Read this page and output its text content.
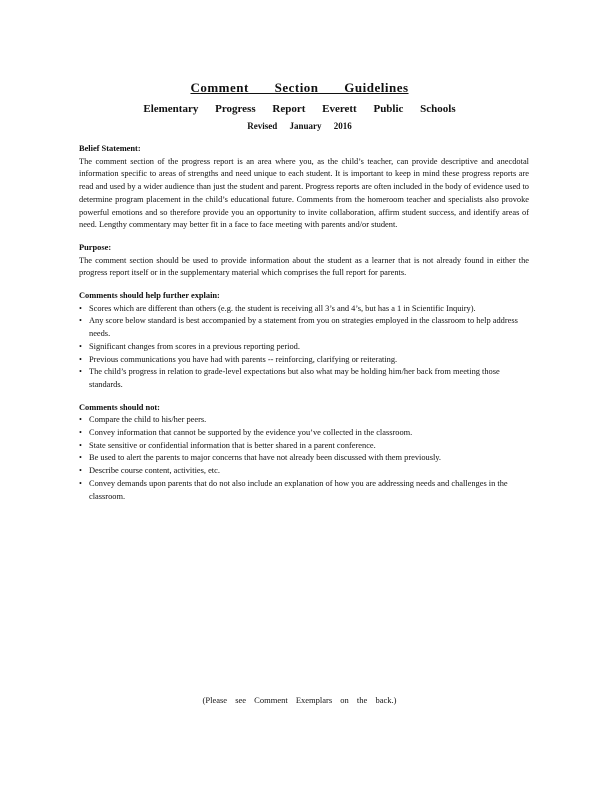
Comment Section Guidelines
Elementary Progress Report Everett Public Schools
Revised January 2016
Belief Statement:

The comment section of the progress report is an area where you, as the child’s teacher, can provide descriptive and anecdotal information specific to areas of strengths and need unique to each student. It is important to keep in mind these progress reports are read and used by a wider audience than just the student and parent. Progress reports are often included in the body of evidence used to determine program placement in the child’s educational future. Comments from the homeroom teacher and specialists also provoke powerful emotions and so therefore provide you an opportunity to invite collaboration, affirm student success, and identify areas of need. Lengthy commentary may better fit in a face to face meeting with parents and/or student.

Purpose:

The comment section should be used to provide information about the student as a learner that is not already found in either the progress report itself or in the supplementary material which comprises the full report for parents.

Comments should help further explain:
• Scores which are different than others (e.g. the student is receiving all 3’s and 4’s, but has a 1 in Scientific Inquiry).
• Any score below standard is best accompanied by a statement from you on strategies employed in the classroom to help address needs.
• Significant changes from scores in a previous reporting period.
• Previous communications you have had with parents -- reinforcing, clarifying or reiterating.
• The child’s progress in relation to grade-level expectations but also what may be holding him/her back from meeting those standards.
Comments should not:
• Compare the child to his/her peers.
• Convey information that cannot be supported by the evidence you’ve collected in the classroom.
• State sensitive or confidential information that is better shared in a parent conference.
• Be used to alert the parents to major concerns that have not already been discussed with them previously.
• Describe course content, activities, etc.
• Convey demands upon parents that do not also include an explanation of how you are addressing needs and challenges in the classroom.
(Please see Comment Exemplars on the back.)
